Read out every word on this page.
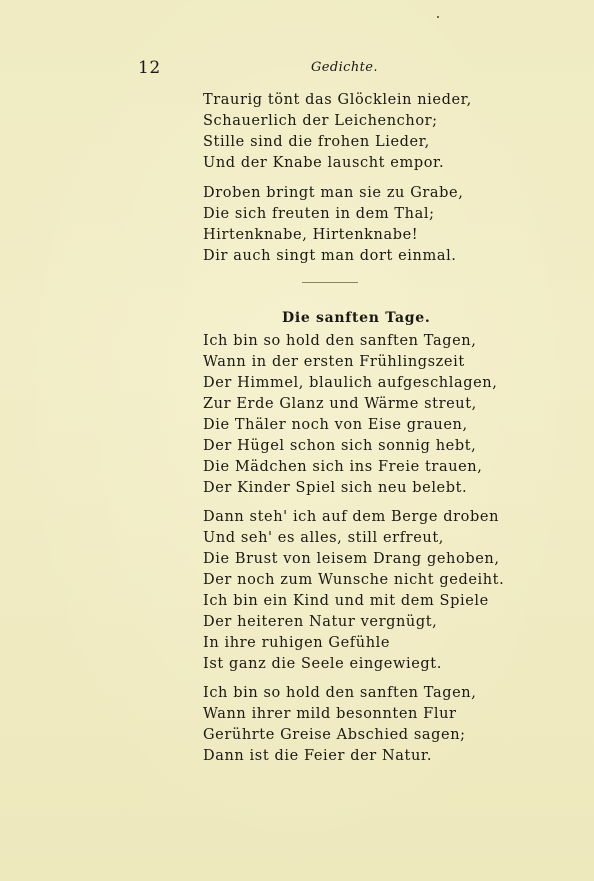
12	Gedichte.
Traurig tönt das Glöcklein nieder,
Schauerlich der Leichenchor;
Stille sind die frohen Lieder,
Und der Knabe lauscht empor.
Droben bringt man sie zu Grabe,
Die sich freuten in dem Thal;
Hirtenknabe, Hirtenknabe!
Dir auch singt man dort einmal.
Die sanften Tage.
Ich bin so hold den sanften Tagen,
Wann in der ersten Frühlingszeit
Der Himmel, blaulich aufgeschlagen,
Zur Erde Glanz und Wärme streut,
Die Thäler noch von Eise grauen,
Der Hügel schon sich sonnig hebt,
Die Mädchen sich ins Freie trauen,
Der Kinder Spiel sich neu belebt.
Dann steh' ich auf dem Berge droben
Und seh' es alles, still erfreut,
Die Brust von leisem Drang gehoben,
Der noch zum Wunsche nicht gedeiht.
Ich bin ein Kind und mit dem Spiele
Der heiteren Natur vergnügt,
In ihre ruhigen Gefühle
Ist ganz die Seele eingewiegt.
Ich bin so hold den sanften Tagen,
Wann ihrer mild besonnten Flur
Gerührte Greise Abschied sagen;
Dann ist die Feier der Natur.
